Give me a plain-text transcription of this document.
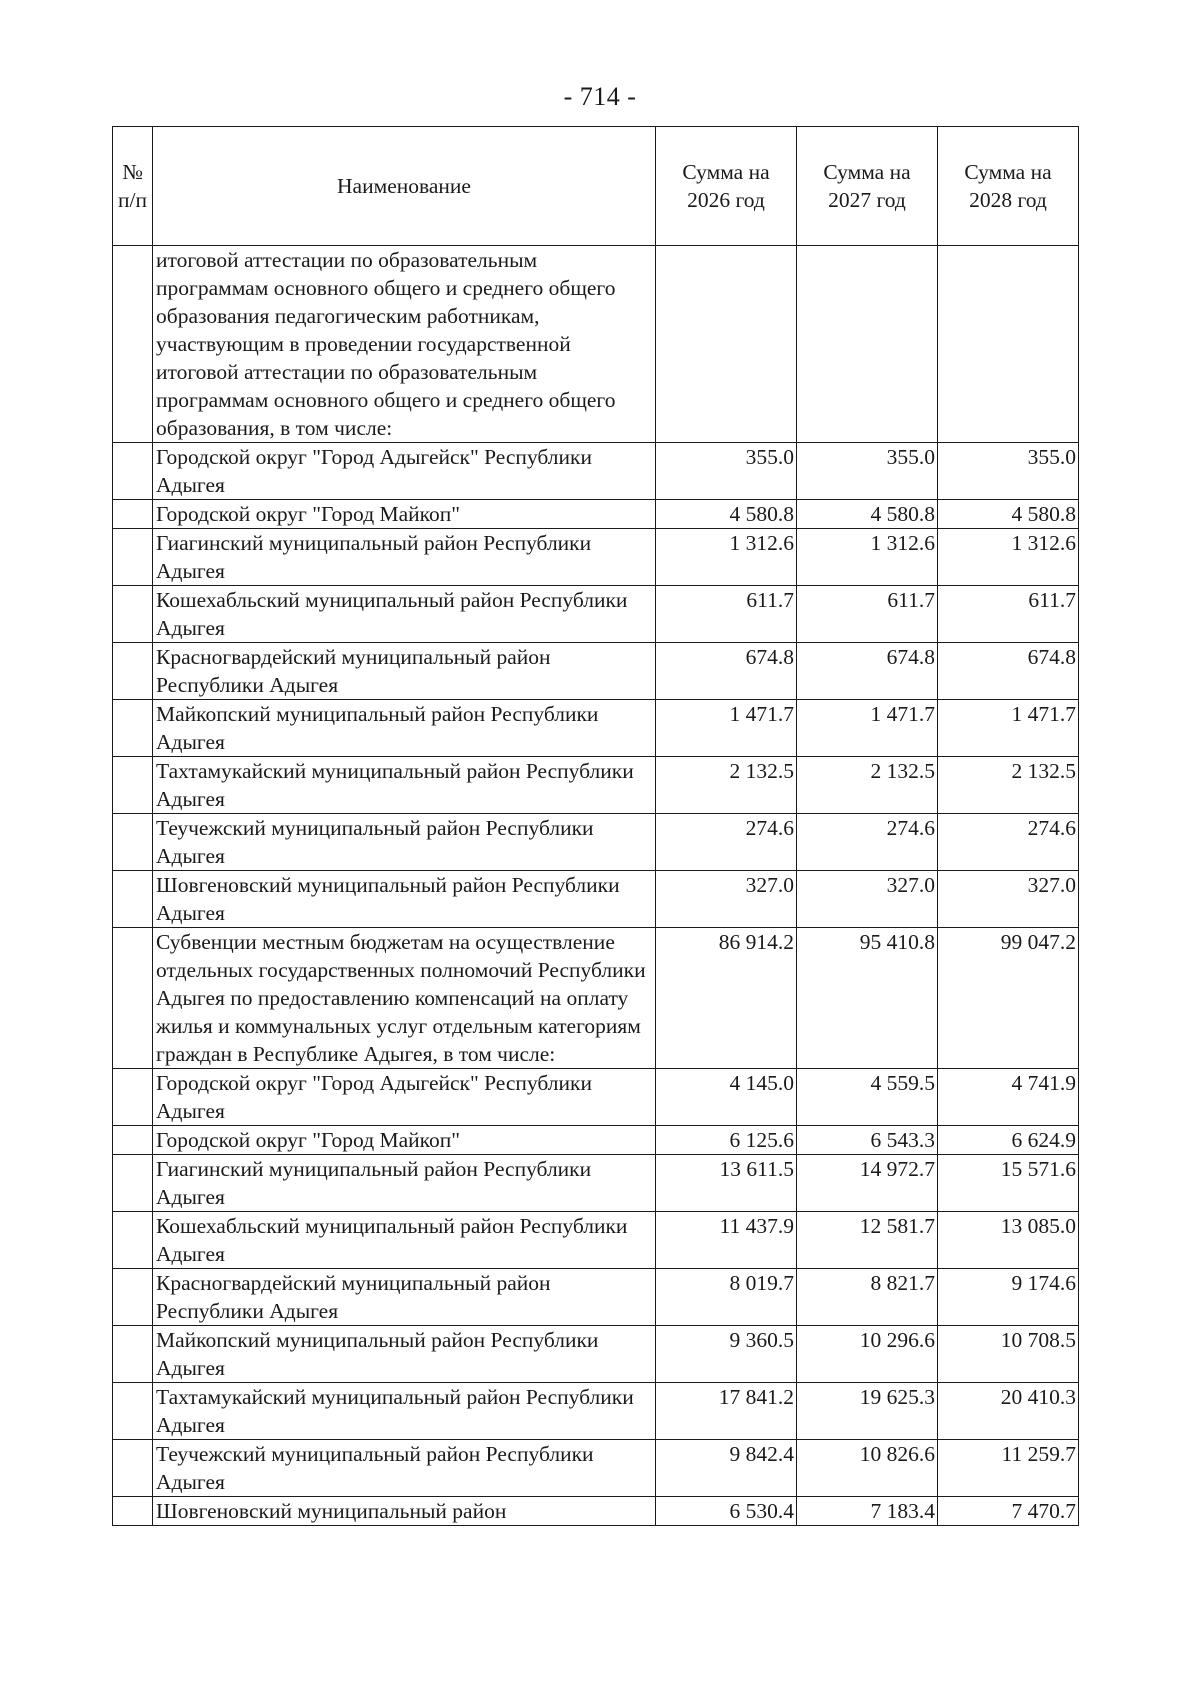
- 714 -
№ п/п	Наименование	Сумма на 2026 год	Сумма на 2027 год	Сумма на 2028 год
	итоговой аттестации по образовательным программам основного общего и среднего общего образования педагогическим работникам, участвующим в проведении государственной итоговой аттестации по образовательным программам основного общего и среднего общего образования, в том числе:			
	Городской округ "Город Адыгейск" Республики Адыгея	355.0	355.0	355.0
	Городской округ "Город Майкоп"	4 580.8	4 580.8	4 580.8
	Гиагинский муниципальный район Республики Адыгея	1 312.6	1 312.6	1 312.6
	Кошехабльский муниципальный район Республики Адыгея	611.7	611.7	611.7
	Красногвардейский муниципальный район Республики Адыгея	674.8	674.8	674.8
	Майкопский муниципальный район Республики Адыгея	1 471.7	1 471.7	1 471.7
	Тахтамукайский муниципальный район Республики Адыгея	2 132.5	2 132.5	2 132.5
	Теучежский муниципальный район Республики Адыгея	274.6	274.6	274.6
	Шовгеновский муниципальный район Республики Адыгея	327.0	327.0	327.0
	Субвенции местным бюджетам на осуществление отдельных государственных полномочий Республики Адыгея по предоставлению компенсаций на оплату жилья и коммунальных услуг отдельным категориям граждан в Республике Адыгея, в том числе:	86 914.2	95 410.8	99 047.2
	Городской округ "Город Адыгейск" Республики Адыгея	4 145.0	4 559.5	4 741.9
	Городской округ "Город Майкоп"	6 125.6	6 543.3	6 624.9
	Гиагинский муниципальный район Республики Адыгея	13 611.5	14 972.7	15 571.6
	Кошехабльский муниципальный район Республики Адыгея	11 437.9	12 581.7	13 085.0
	Красногвардейский муниципальный район Республики Адыгея	8 019.7	8 821.7	9 174.6
	Майкопский муниципальный район Республики Адыгея	9 360.5	10 296.6	10 708.5
	Тахтамукайский муниципальный район Республики Адыгея	17 841.2	19 625.3	20 410.3
	Теучежский муниципальный район Республики Адыгея	9 842.4	10 826.6	11 259.7
	Шовгеновский муниципальный район	6 530.4	7 183.4	7 470.7
